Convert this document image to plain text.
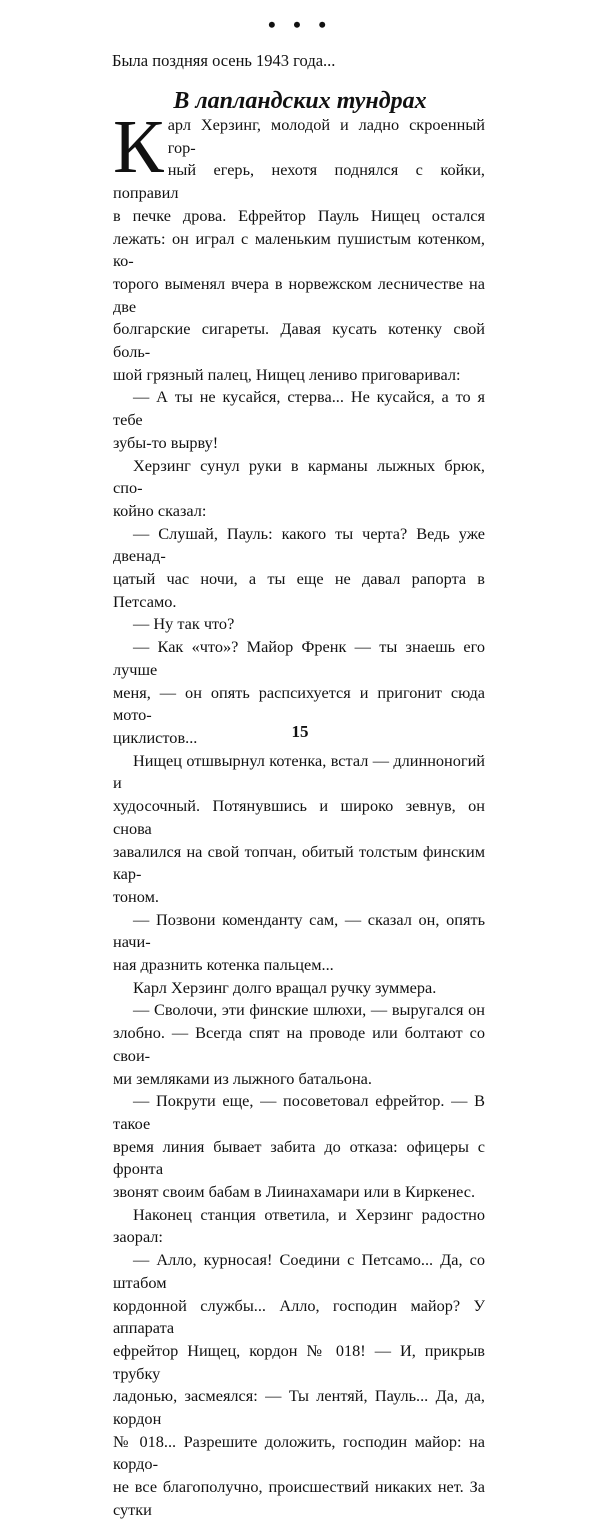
• • •
Была поздняя осень 1943 года...
В лапландских тундрах
К арл Херзинг, молодой и ладно скроенный гор-

ный егерь, нехотя поднялся с койки, поправил

в печке дрова. Ефрейтор Пауль Нищец остался

лежать: он играл с маленьким пушистым котенком, ко-

торого выменял вчера в норвежском лесничестве на две

болгарские сигареты. Давая кусать котенку свой боль-

шой грязный палец, Нищец лениво приговаривал:

— А ты не кусайся, стерва... Не кусайся, а то я тебе

зубы-то вырву!

Херзинг сунул руки в карманы лыжных брюк, спо-

койно сказал:

— Слушай, Пауль: какого ты черта? Ведь уже двенад-

цатый час ночи, а ты еще не давал рапорта в Петсамо.

— Ну так что?

— Как «что»? Майор Френк — ты знаешь его лучше

меня, — он опять распсихуется и пригонит сюда мото-

циклистов...

Нищец отшвырнул котенка, встал — длинноногий и

худосочный. Потянувшись и широко зевнув, он снова

завалился на свой топчан, обитый толстым финским кар-

тоном.

— Позвони коменданту сам, — сказал он, опять начи-

ная дразнить котенка пальцем...

Карл Херзинг долго вращал ручку зуммера.

— Сволочи, эти финские шлюхи, — выругался он

злобно. — Всегда спят на проводе или болтают со свои-

ми земляками из лыжного батальона.

— Покрути еще, — посоветовал ефрейтор. — В такое

время линия бывает забита до отказа: офицеры с фронта

звонят своим бабам в Лиинахамари или в Киркенес.

Наконец станция ответила, и Херзинг радостно заорал:

— Алло, курносая! Соедини с Петсамо... Да, со штабом

кордонной службы... Алло, господин майор? У аппарата

ефрейтор Нищец, кордон № 018! — И, прикрыв трубку

ладонью, засмеялся: — Ты лентяй, Пауль... Да, да, кордон

№ 018... Разрешите доложить, господин майор: на кордо-

не все благополучно, происшествий никаких нет. За сутки

15
